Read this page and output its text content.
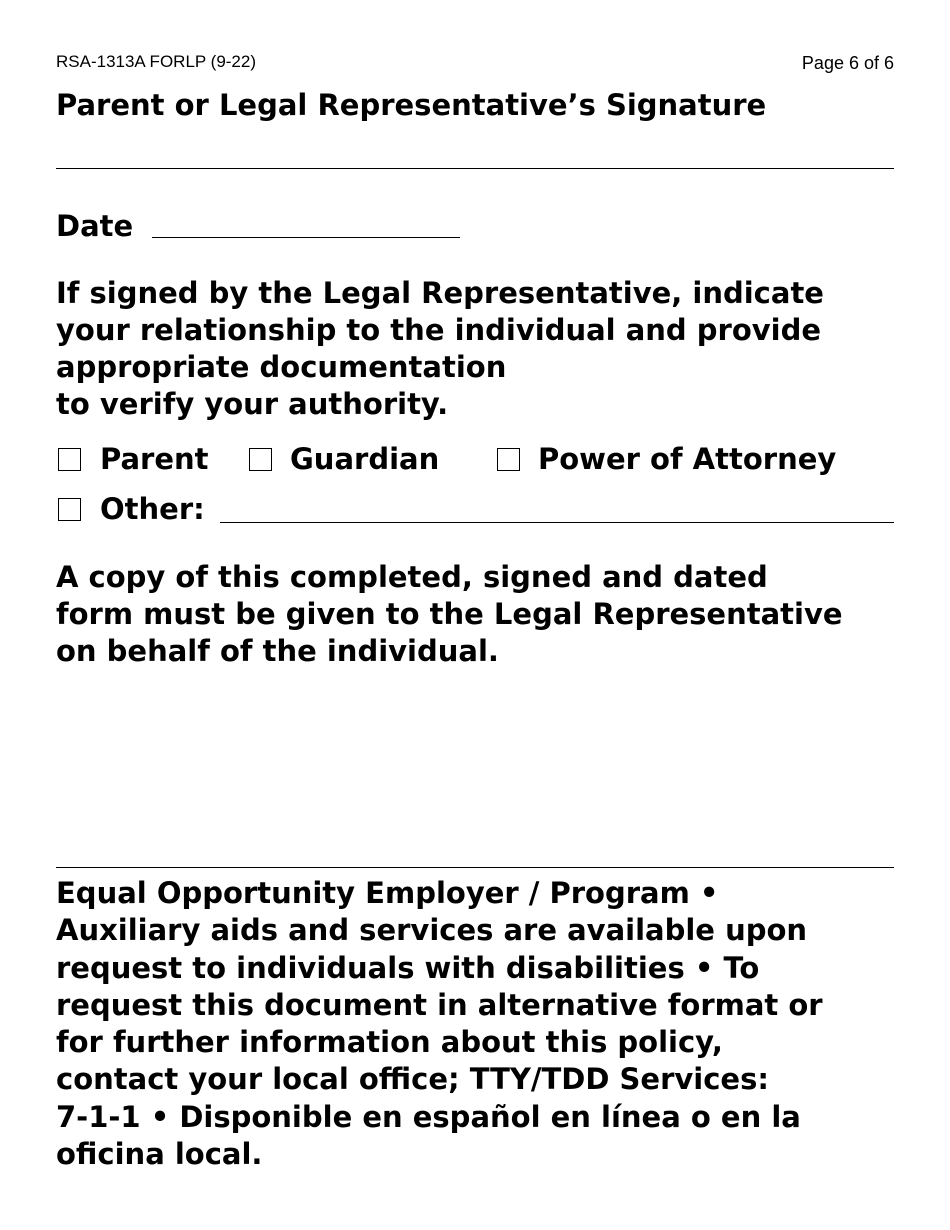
RSA-1313A FORLP (9-22)	Page 6 of 6
Parent or Legal Representative’s Signature
Date
If signed by the Legal Representative, indicate
your relationship to the individual and provide
appropriate documentation
to verify your authority.
Parent	Guardian	Power of Attorney
Other:
A copy of this completed, signed and dated
form must be given to the Legal Representative
on behalf of the individual.
Equal Opportunity Employer / Program •
Auxiliary aids and services are available upon
request to individuals with disabilities • To
request this document in alternative format or
for further information about this policy,
contact your local office; TTY/TDD Services:
7-1-1 • Disponible en español en línea o en la
oficina local.
